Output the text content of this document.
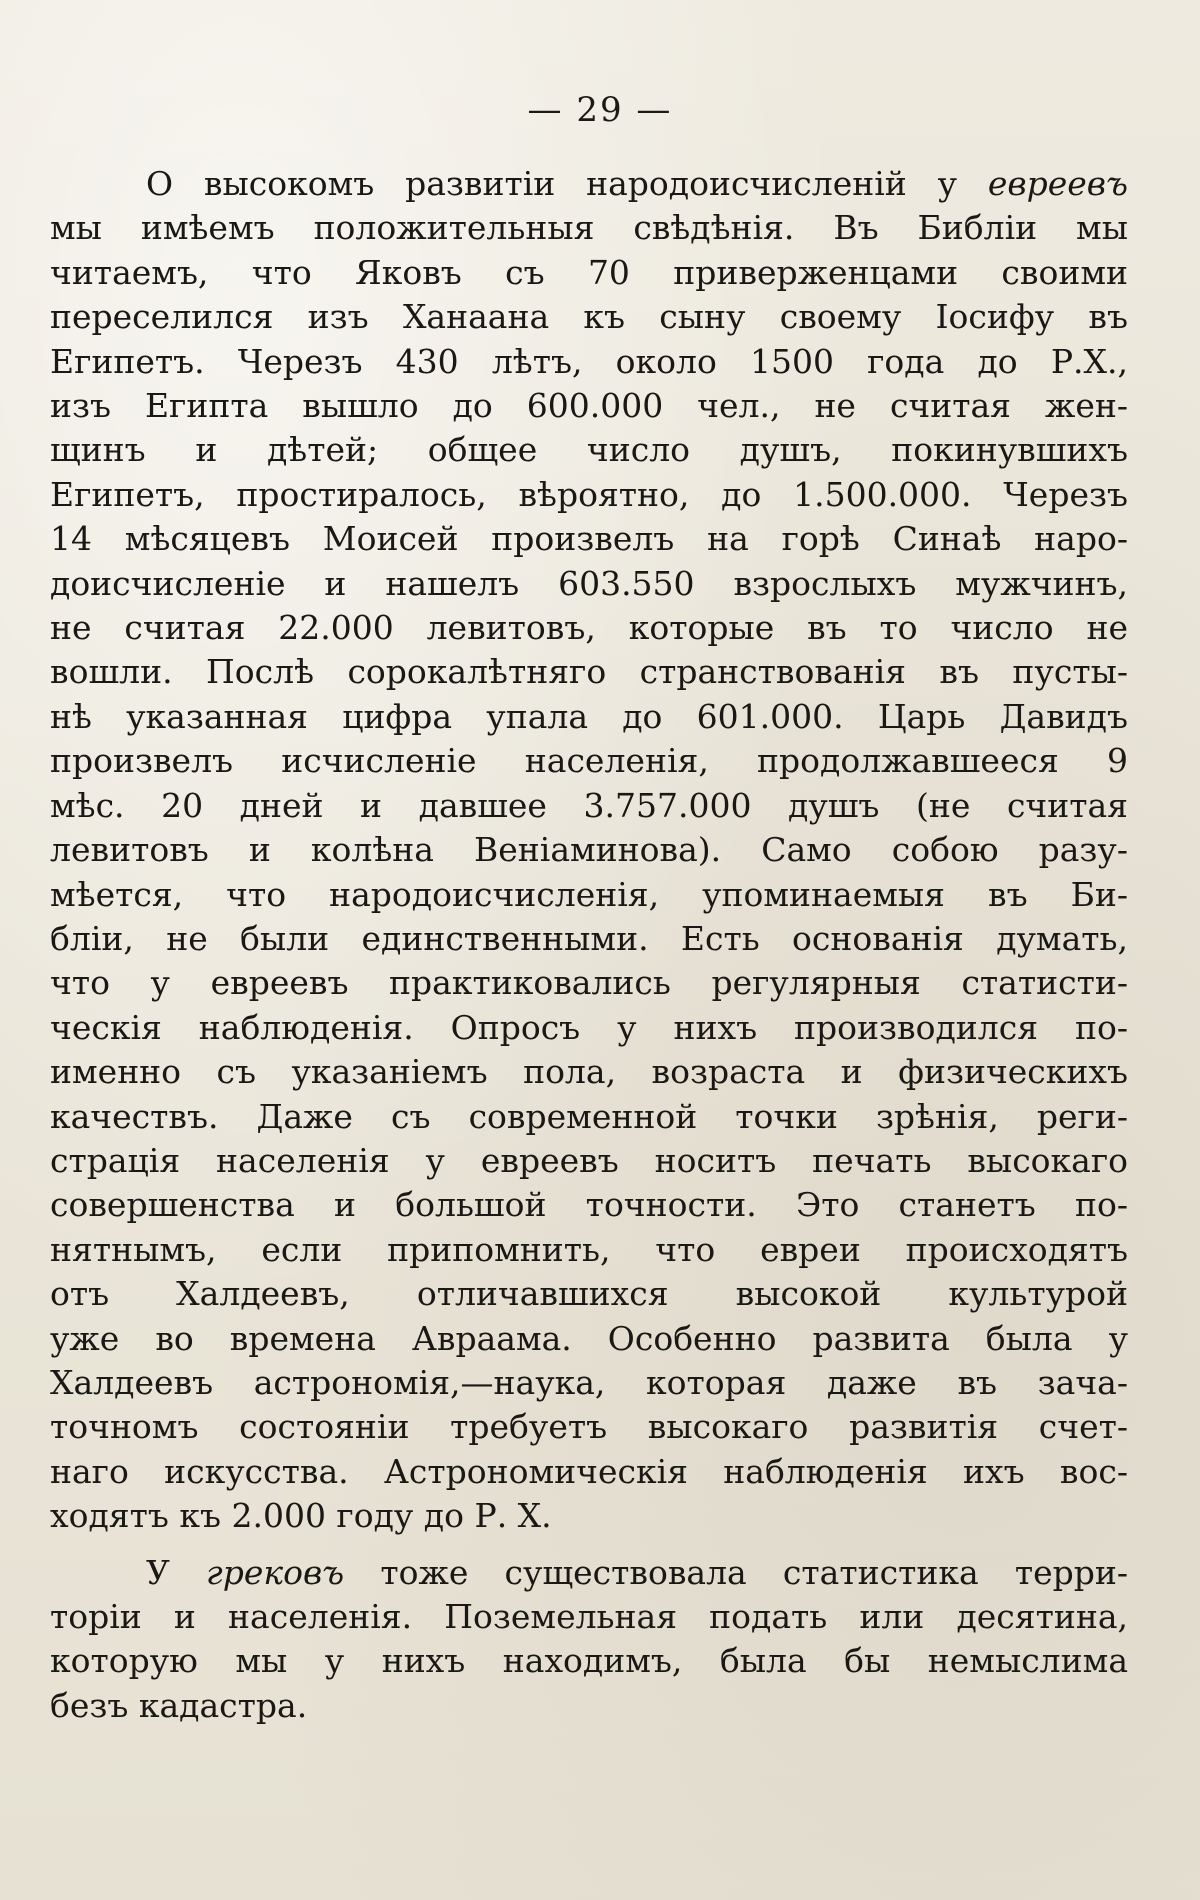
— 29 —
О высокомъ развитіи народоисчисленій у евреевъ
мы имѣемъ положительныя свѣдѣнія. Въ Библіи мы
читаемъ, что Яковъ съ 70 приверженцами своими
переселился изъ Ханаана къ сыну своему Іосифу въ
Египетъ. Черезъ 430 лѣтъ, около 1500 года до Р.Х.,
изъ Египта вышло до 600.000 чел., не считая жен-
щинъ и дѣтей; общее число душъ, покинувшихъ
Египетъ, простиралось, вѣроятно, до 1.500.000. Черезъ
14 мѣсяцевъ Моисей произвелъ на горѣ Синаѣ наро-
доисчисленіе и нашелъ 603.550 взрослыхъ мужчинъ,
не считая 22.000 левитовъ, которые въ то число не
вошли. Послѣ сорокалѣтняго странствованія въ пусты-
нѣ указанная цифра упала до 601.000. Царь Давидъ
произвелъ исчисленіе населенія, продолжавшееся 9
мѣс. 20 дней и давшее 3.757.000 душъ (не считая
левитовъ и колѣна Веніаминова). Само собою разу-
мѣется, что народоисчисленія, упоминаемыя въ Би-
бліи, не были единственными. Есть основанія думать,
что у евреевъ практиковались регулярныя статисти-
ческія наблюденія. Опросъ у нихъ производился по-
именно съ указаніемъ пола, возраста и физическихъ
качествъ. Даже съ современной точки зрѣнія, реги-
страція населенія у евреевъ носитъ печать высокаго
совершенства и большой точности. Это станетъ по-
нятнымъ, если припомнить, что евреи происходятъ
отъ Халдеевъ, отличавшихся высокой культурой
уже во времена Авраама. Особенно развита была у
Халдеевъ астрономія,—наука, которая даже въ зача-
точномъ состояніи требуетъ высокаго развитія счет-
наго искусства. Астрономическія наблюденія ихъ вос-
ходятъ къ 2.000 году до Р. Х.
У грековъ тоже существовала статистика терри-
торіи и населенія. Поземельная подать или десятина,
которую мы у нихъ находимъ, была бы немыслима
безъ кадастра.
